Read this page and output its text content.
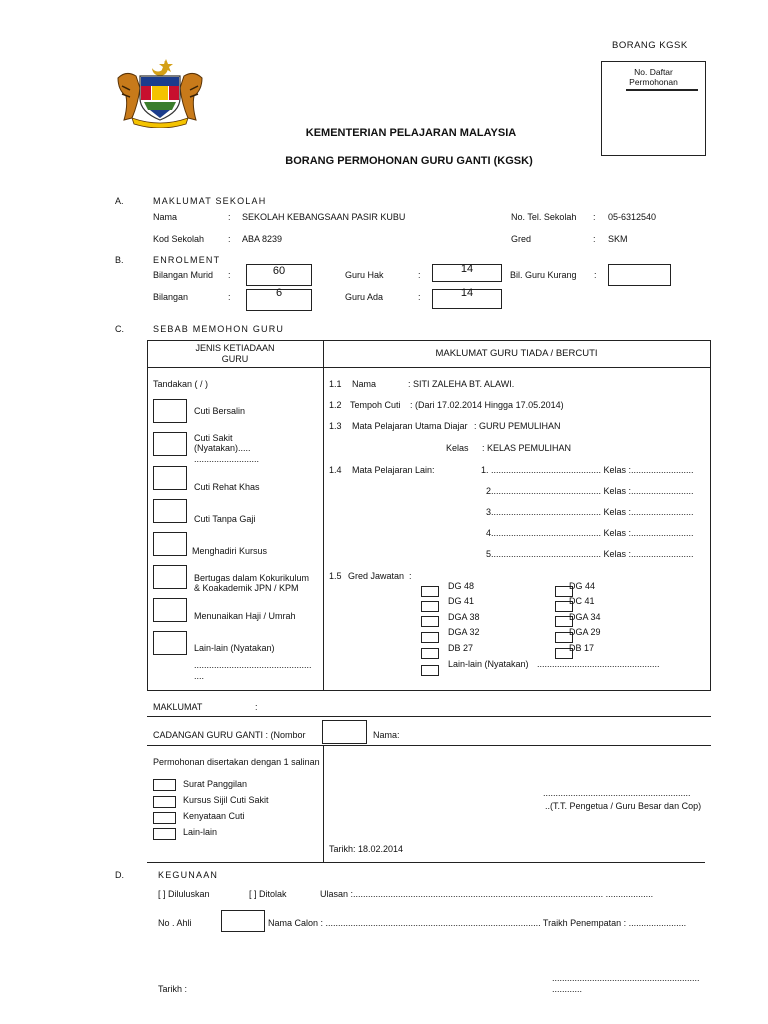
BORANG KGSK
No. Daftar
Permohonan
KEMENTERIAN PELAJARAN MALAYSIA
BORANG PERMOHONAN GURU GANTI (KGSK)
A.	MAKLUMAT SEKOLAH
Nama	: SEKOLAH KEBANGSAAN PASIR KUBU	No. Tel. Sekolah : 05-6312540
Kod Sekolah	: ABA 8239	Gred	: SKM
B.	ENROLMENT
Bilangan Murid :	60	Guru Hak	:	14	Bil. Guru Kurang :
Bilangan	:	6	Guru Ada	:	14
C.	SEBAB MEMOHON GURU
JENIS KETIADAAN
GURU	MAKLUMAT GURU TIADA / BERCUTI
Tandakan ( / )
Cuti Bersalin
Cuti Sakit
(Nyatakan).....
..........................
Cuti Rehat Khas
Cuti Tanpa Gaji
Menghadiri Kursus
Bertugas dalam Kokurikulum
& Koakademik JPN / KPM
Menunaikan Haji / Umrah
Lain-lain (Nyatakan)
...............................................
....
1.1 Nama	: SITI ZALEHA BT. ALAWI.
1.2 Tempoh Cuti : (Dari 17.02.2014 Hingga 17.05.2014)
1.3 Mata Pelajaran Utama Diajar : GURU PEMULIHAN
Kelas : KELAS PEMULIHAN
1.4 Mata Pelajaran Lain:	1. ............................................ Kelas :.........................
2............................................ Kelas :.........................
3............................................ Kelas :.........................
4............................................ Kelas :.........................
5............................................ Kelas :.........................
1.5 Gred Jawatan :
DG 48
DG 41
DGA 38
DGA 32
DB 27
Lain-lain (Nyatakan) .................................................
DG 44
DC 41
DGA 34
DGA 29
DB 17
MAKLUMAT	:
CADANGAN GURU GANTI : (Nombor	Nama:
Permohonan disertakan dengan 1 salinan
Surat Panggilan
Kursus Sijil Cuti Sakit
Kenyataan Cuti
Lain-lain
...........................................................
..(T.T. Pengetua / Guru Besar dan Cop)
Tarikh: 18.02.2014
D.	KEGUNAAN
[ ] Diluluskan	[ ] Ditolak	Ulasan :.................................................................................................... ...................
No . Ahli	Nama Calon : ...................................................................................... Traikh Penempatan : .......................
Tarikh :
...........................................................
............
